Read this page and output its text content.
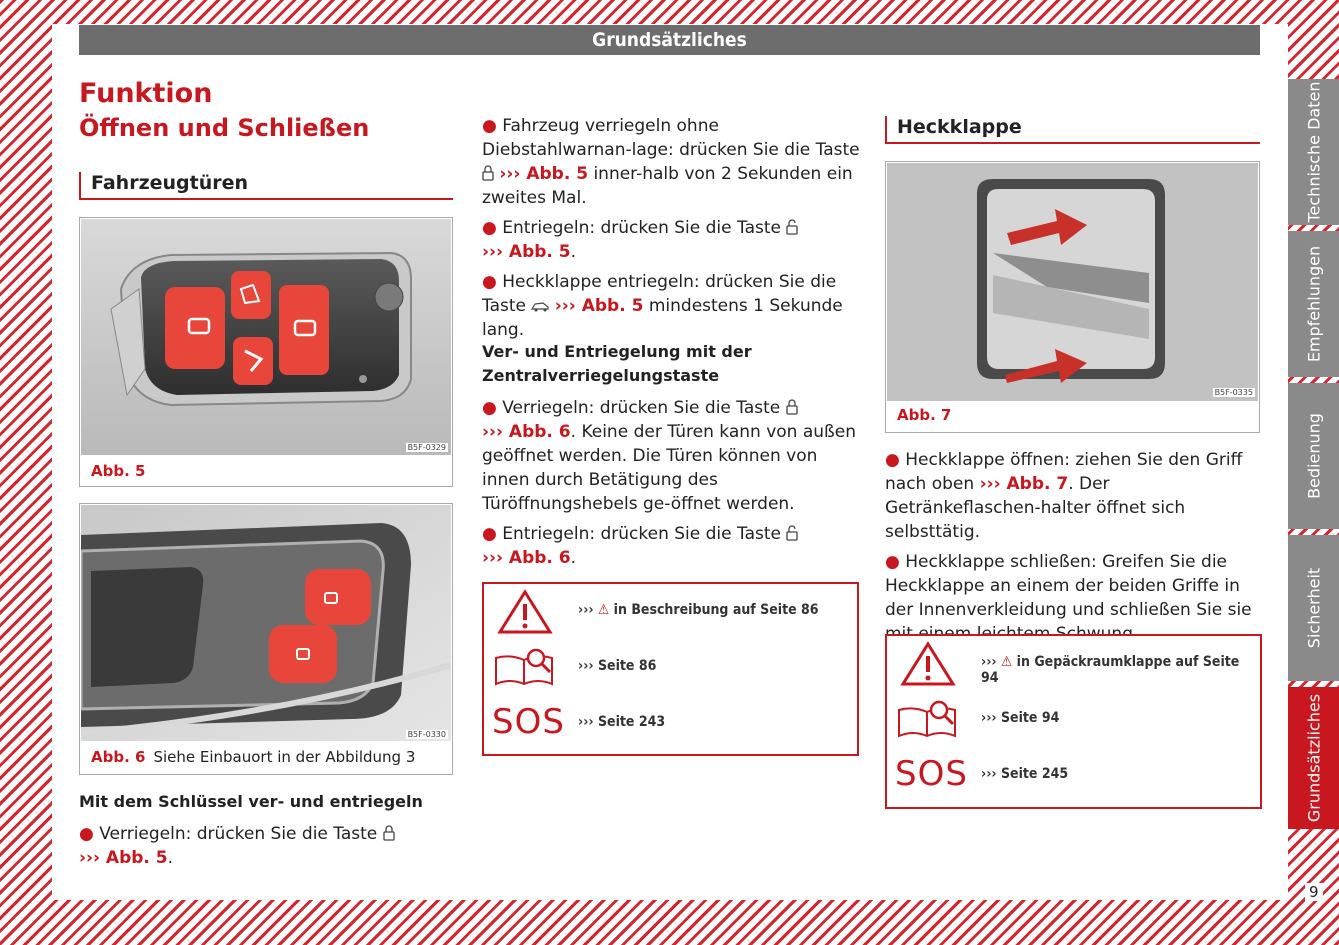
Grundsätzliches
Funktion
Öffnen und Schließen
Fahrzeugtüren
B5F-0329
Abb. 5
B5F-0330
Abb. 6 Siehe Einbauort in der Abbildung 3
Mit dem Schlüssel ver- und entriegeln

● Verriegeln: drücken Sie die Taste
››› Abb. 5.

● Fahrzeug verriegeln ohne Diebstahlwarnan-lage: drücken Sie die Taste  ››› Abb. 5 inner-halb von 2 Sekunden ein zweites Mal.

● Entriegeln: drücken Sie die Taste
››› Abb. 5.

● Heckklappe entriegeln: drücken Sie die Taste ››› Abb. 5 mindestens 1 Sekunde lang.

Ver- und Entriegelung mit der Zentralverriegelungstaste

● Verriegeln: drücken Sie die Taste
››› Abb. 6. Keine der Türen kann von außen geöffnet werden. Die Türen können von innen durch Betätigung des Türöffnungshebels ge-öffnet werden.

● Entriegeln: drücken Sie die Taste
››› Abb. 6.

››› ⚠ in Beschreibung auf Seite 86
››› Seite 86
SOS ››› Seite 243
Heckklappe
B5F-0335
Abb. 7

● Heckklappe öffnen: ziehen Sie den Griff nach oben ››› Abb. 7. Der Getränkeflaschen-halter öffnet sich selbsttätig.

● Heckklappe schließen: Greifen Sie die Heckklappe an einem der beiden Griffe in der Innenverkleidung und schließen Sie sie

››› ⚠ in Gepäckraumklappe auf Seite 94
››› Seite 94
SOS ››› Seite 245
Technische Daten
Empfehlungen
Bedienung
Sicherheit
Grundsätzliches
9
